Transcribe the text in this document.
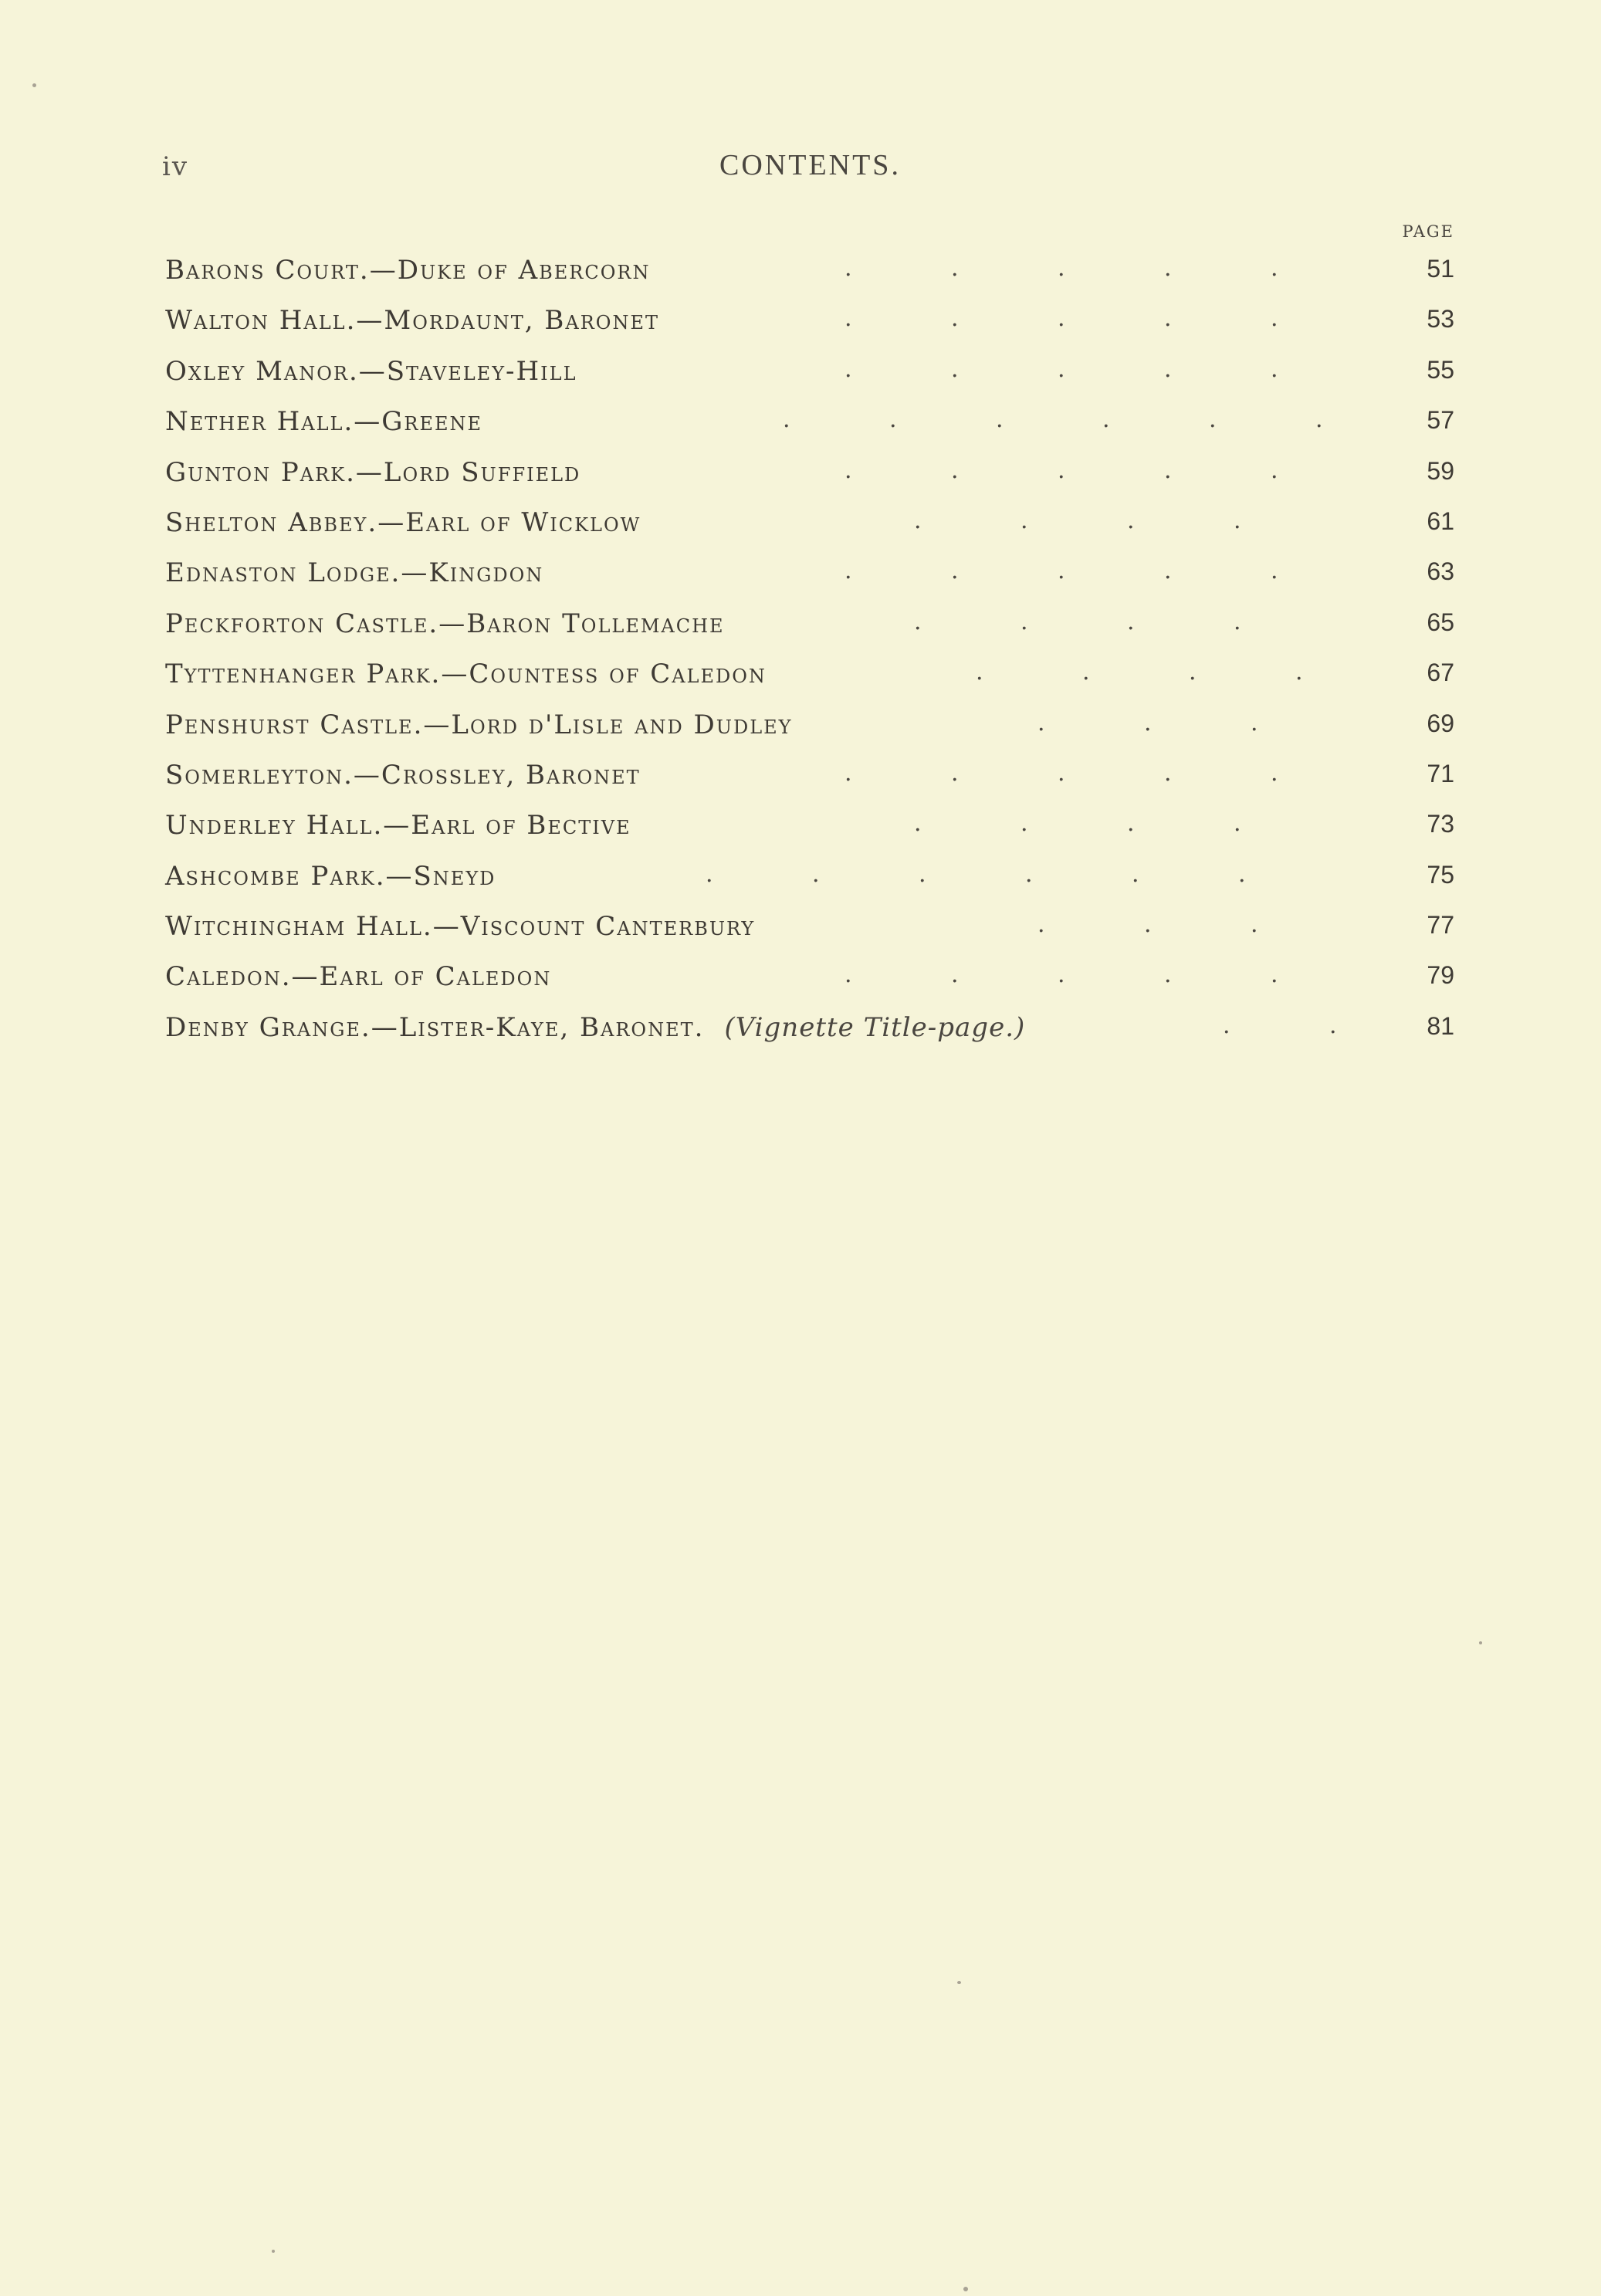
iv	CONTENTS.
PAGE
Barons Court.—Duke of Abercorn	.	.	.	.	.	51
Walton Hall.—Mordaunt, Baronet	.	.	.	.	.	53
Oxley Manor.—Staveley-Hill	.	.	.	.	.	55
Nether Hall.—Greene	.	.	.	.	.	.	57
Gunton Park.—Lord Suffield	.	.	.	.	.	59
Shelton Abbey.—Earl of Wicklow	.	.	.	.	61
Ednaston Lodge.—Kingdon	.	.	.	.	.	63
Peckforton Castle.—Baron Tollemache	.	.	.	.	65
Tyttenhanger Park.—Countess of Caledon	.	.	.	.	67
Penshurst Castle.—Lord d'Lisle and Dudley	.	.	.	69
Somerleyton.—Crossley, Baronet	.	.	.	.	.	71
Underley Hall.—Earl of Bective	.	.	.	.	73
Ashcombe Park.—Sneyd	.	.	.	.	.	.	75
Witchingham Hall.—Viscount Canterbury	.	.	.	77
Caledon.—Earl of Caledon	.	.	.	.	.	79
Denby Grange.—Lister-Kaye, Baronet. (Vignette Title-page.)	.	.	81
